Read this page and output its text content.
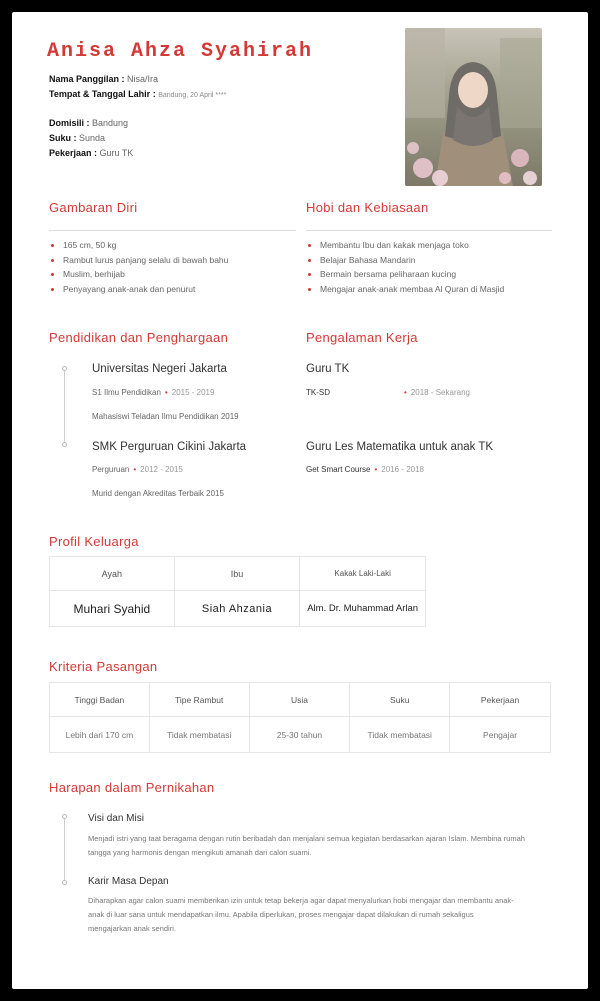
Anisa Ahza Syahirah
Nama Panggilan : Nisa/Ira
Tempat & Tanggal Lahir : Bandung, 20 April ****
Domisili : Bandung
Suku : Sunda
Pekerjaan : Guru TK
Gambaran Diri
165 cm, 50 kg
Rambut lurus panjang selalu di bawah bahu
Muslim, berhijab
Penyayang anak-anak dan penurut
Hobi dan Kebiasaan
Membantu Ibu dan kakak menjaga toko
Belajar Bahasa Mandarin
Bermain bersama peliharaan kucing
Mengajar anak-anak membaa Al Quran di Masjid
Pendidikan dan Penghargaan
Universitas Negeri Jakarta
S1 Ilmu Pendidikan • 2015 - 2019
Mahasiswi Teladan Ilmu Pendidikan 2019
SMK Perguruan Cikini Jakarta
Perguruan • 2012 - 2015
Murid dengan Akreditas Terbaik 2015
Pengalaman Kerja
Guru TK
TK-SD	• 2018 - Sekarang
Guru Les Matematika untuk anak TK
Get Smart Course • 2016 - 2018
Profil Keluarga
Ayah	Ibu	Kakak Laki-Laki
Muhari Syahid	Siah Ahzania	Alm. Dr. Muhammad Arlan
Kriteria Pasangan
Tinggi Badan	Tipe Rambut	Usia	Suku	Pekerjaan
Lebih dari 170 cm	Tidak membatasi	25-30 tahun	Tidak membatasi	Pengajar
Harapan dalam Pernikahan
Visi dan Misi
Menjadi istri yang taat beragama dengan rutin beribadah dan menjalani semua kegiatan berdasarkan ajaran Islam. Membina rumah tangga yang harmonis dengan mengikuti amanah dari calon suami.
Karir Masa Depan
Diharapkan agar calon suami memberikan izin untuk tetap bekerja agar dapat menyalurkan hobi mengajar dan membantu anak-anak di luar sana untuk mendapatkan ilmu. Apabila diperlukan, proses mengajar dapat dilakukan di rumah sekaligus mengajarkan anak sendiri.
